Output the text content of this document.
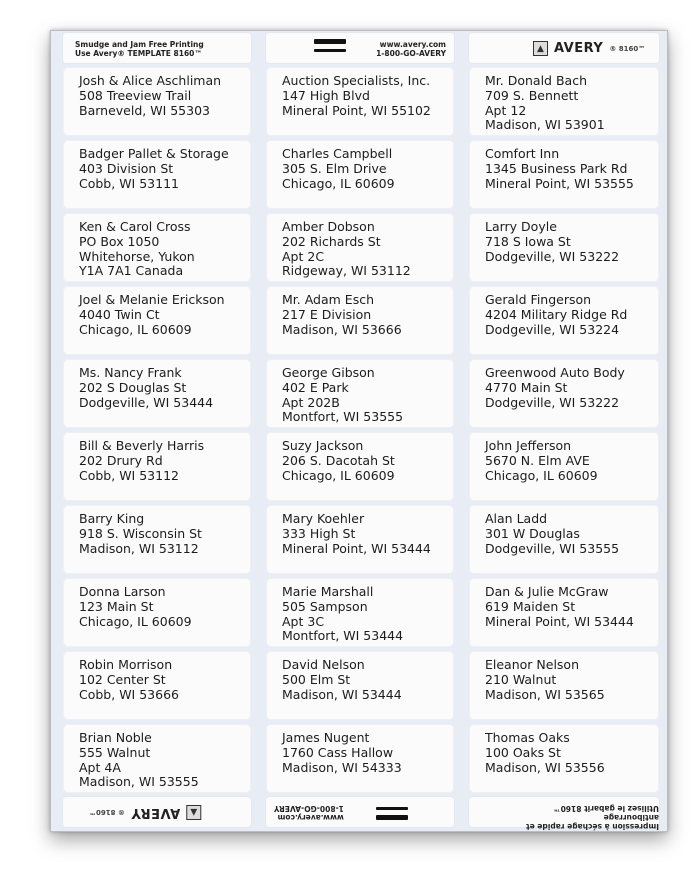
Smudge and Jam Free Printing
Use Avery® TEMPLATE 8160™
www.avery.com
1-800-GO-AVERY	▲ AVERY ® 8160™
Josh & Alice Aschliman
508 Treeview Trail
Barneveld, WI 55303
Auction Specialists, Inc.
147 High Blvd
Mineral Point, WI 55102
Mr. Donald Bach
709 S. Bennett
Apt 12
Madison, WI 53901
Badger Pallet & Storage
403 Division St
Cobb, WI 53111
Charles Campbell
305 S. Elm Drive
Chicago, IL 60609
Comfort Inn
1345 Business Park Rd
Mineral Point, WI 53555
Ken & Carol Cross
PO Box 1050
Whitehorse, Yukon
Y1A 7A1 Canada
Amber Dobson
202 Richards St
Apt 2C
Ridgeway, WI 53112
Larry Doyle
718 S Iowa St
Dodgeville, WI 53222
Joel & Melanie Erickson
4040 Twin Ct
Chicago, IL 60609
Mr. Adam Esch
217 E Division
Madison, WI 53666
Gerald Fingerson
4204 Military Ridge Rd
Dodgeville, WI 53224
Ms. Nancy Frank
202 S Douglas St
Dodgeville, WI 53444
George Gibson
402 E Park
Apt 202B
Montfort, WI 53555
Greenwood Auto Body
4770 Main St
Dodgeville, WI 53222
Bill & Beverly Harris
202 Drury Rd
Cobb, WI 53112
Suzy Jackson
206 S. Dacotah St
Chicago, IL 60609
John Jefferson
5670 N. Elm AVE
Chicago, IL 60609
Barry King
918 S. Wisconsin St
Madison, WI 53112
Mary Koehler
333 High St
Mineral Point, WI 53444
Alan Ladd
301 W Douglas
Dodgeville, WI 53555
Donna Larson
123 Main St
Chicago, IL 60609
Marie Marshall
505 Sampson
Apt 3C
Montfort, WI 53444
Dan & Julie McGraw
619 Maiden St
Mineral Point, WI 53444
Robin Morrison
102 Center St
Cobb, WI 53666
David Nelson
500 Elm St
Madison, WI 53444
Eleanor Nelson
210 Walnut
Madison, WI 53565
Brian Noble
555 Walnut
Apt 4A
Madison, WI 53555
James Nugent
1760 Cass Hallow
Madison, WI 54333
Thomas Oaks
100 Oaks St
Madison, WI 53556
▲
AVERY
® 8160™
www.avery.com
1-800-GO-AVERY
Impression à séchage rapide et antibourrage
Utilisez le gabarit 8160™
